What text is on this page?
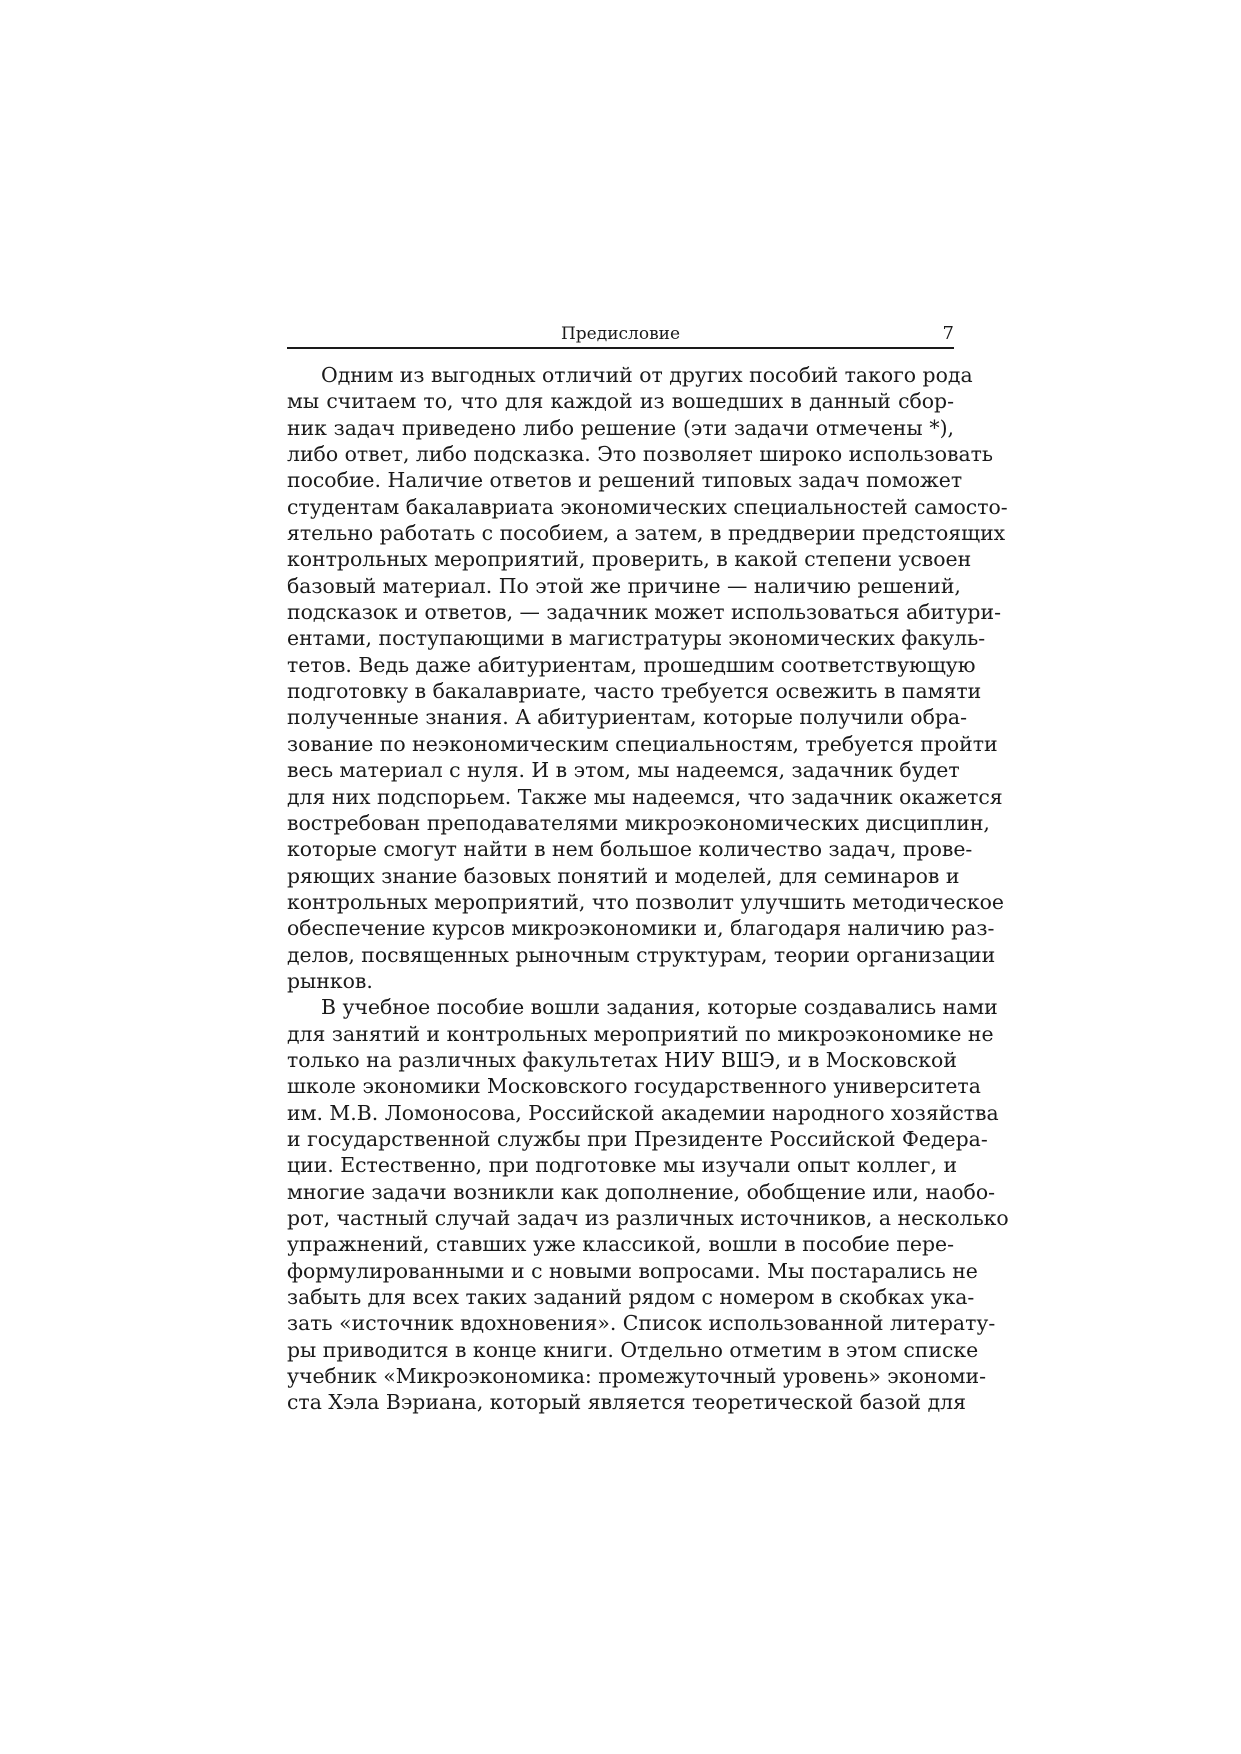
Предисловие	7
Одним из выгодных отличий от других пособий такого рода
мы считаем то, что для каждой из вошедших в данный сбор-
ник задач приведено либо решение (эти задачи отмечены *),
либо ответ, либо подсказка. Это позволяет широко использовать
пособие. Наличие ответов и решений типовых задач поможет
студентам бакалавриата экономических специальностей самосто-
ятельно работать с пособием, а затем, в преддверии предстоящих
контрольных мероприятий, проверить, в какой степени усвоен
базовый материал. По этой же причине — наличию решений,
подсказок и ответов, — задачник может использоваться абитури-
ентами, поступающими в магистратуры экономических факуль-
тетов. Ведь даже абитуриентам, прошедшим соответствующую
подготовку в бакалавриате, часто требуется освежить в памяти
полученные знания. А абитуриентам, которые получили обра-
зование по неэкономическим специальностям, требуется пройти
весь материал с нуля. И в этом, мы надеемся, задачник будет
для них подспорьем. Также мы надеемся, что задачник окажется
востребован преподавателями микроэкономических дисциплин,
которые смогут найти в нем большое количество задач, прове-
ряющих знание базовых понятий и моделей, для семинаров и
контрольных мероприятий, что позволит улучшить методическое
обеспечение курсов микроэкономики и, благодаря наличию раз-
делов, посвященных рыночным структурам, теории организации
рынков.
В учебное пособие вошли задания, которые создавались нами
для занятий и контрольных мероприятий по микроэкономике не
только на различных факультетах НИУ ВШЭ, и в Московской
школе экономики Московского государственного университета
им. М.В. Ломоносова, Российской академии народного хозяйства
и государственной службы при Президенте Российской Федера-
ции. Естественно, при подготовке мы изучали опыт коллег, и
многие задачи возникли как дополнение, обобщение или, наобо-
рот, частный случай задач из различных источников, а несколько
упражнений, ставших уже классикой, вошли в пособие пере-
формулированными и с новыми вопросами. Мы постарались не
забыть для всех таких заданий рядом с номером в скобках ука-
зать «источник вдохновения». Список использованной литерату-
ры приводится в конце книги. Отдельно отметим в этом списке
учебник «Микроэкономика: промежуточный уровень» экономи-
ста Хэла Вэриана, который является теоретической базой для
